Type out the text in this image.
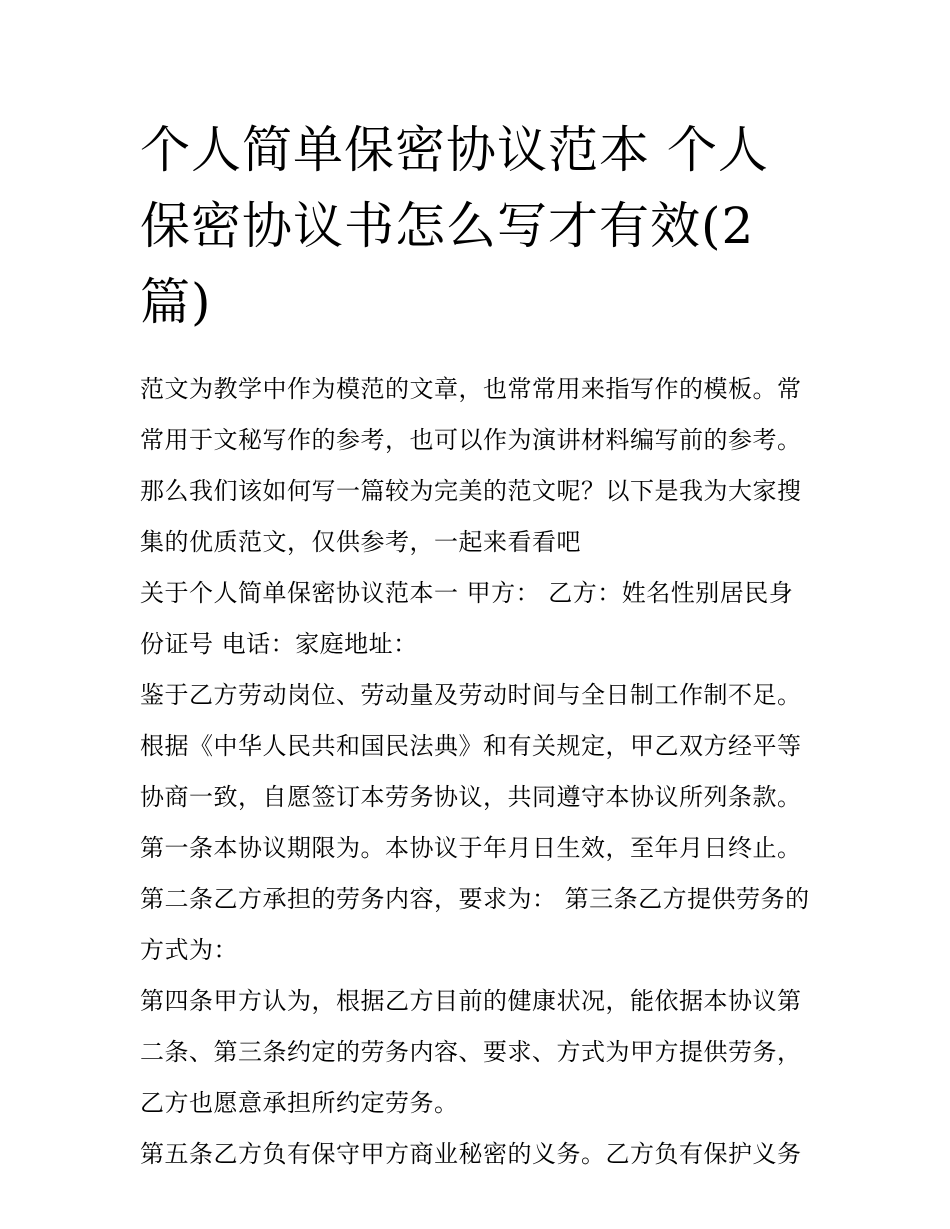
个人简单保密协议范本 个人保密协议书怎么写才有效(2篇)

范文为教学中作为模范的文章，也常常用来指写作的模板。常常用于文秘写作的参考，也可以作为演讲材料编写前的参考。那么我们该如何写一篇较为完美的范文呢？以下是我为大家搜集的优质范文，仅供参考，一起来看看吧

关于个人简单保密协议范本一 甲方： 乙方：姓名性别居民身份证号 电话：家庭地址：

鉴于乙方劳动岗位、劳动量及劳动时间与全日制工作制不足。根据《中华人民共和国民法典》和有关规定，甲乙双方经平等协商一致，自愿签订本劳务协议，共同遵守本协议所列条款。

第一条本协议期限为。本协议于年月日生效，至年月日终止。

第二条乙方承担的劳务内容，要求为： 第三条乙方提供劳务的方式为：

第四条甲方认为，根据乙方目前的健康状况，能依据本协议第二条、第三条约定的劳务内容、要求、方式为甲方提供劳务，乙方也愿意承担所约定劳务。

第五条乙方负有保守甲方商业秘密的义务。乙方负有保护义务
